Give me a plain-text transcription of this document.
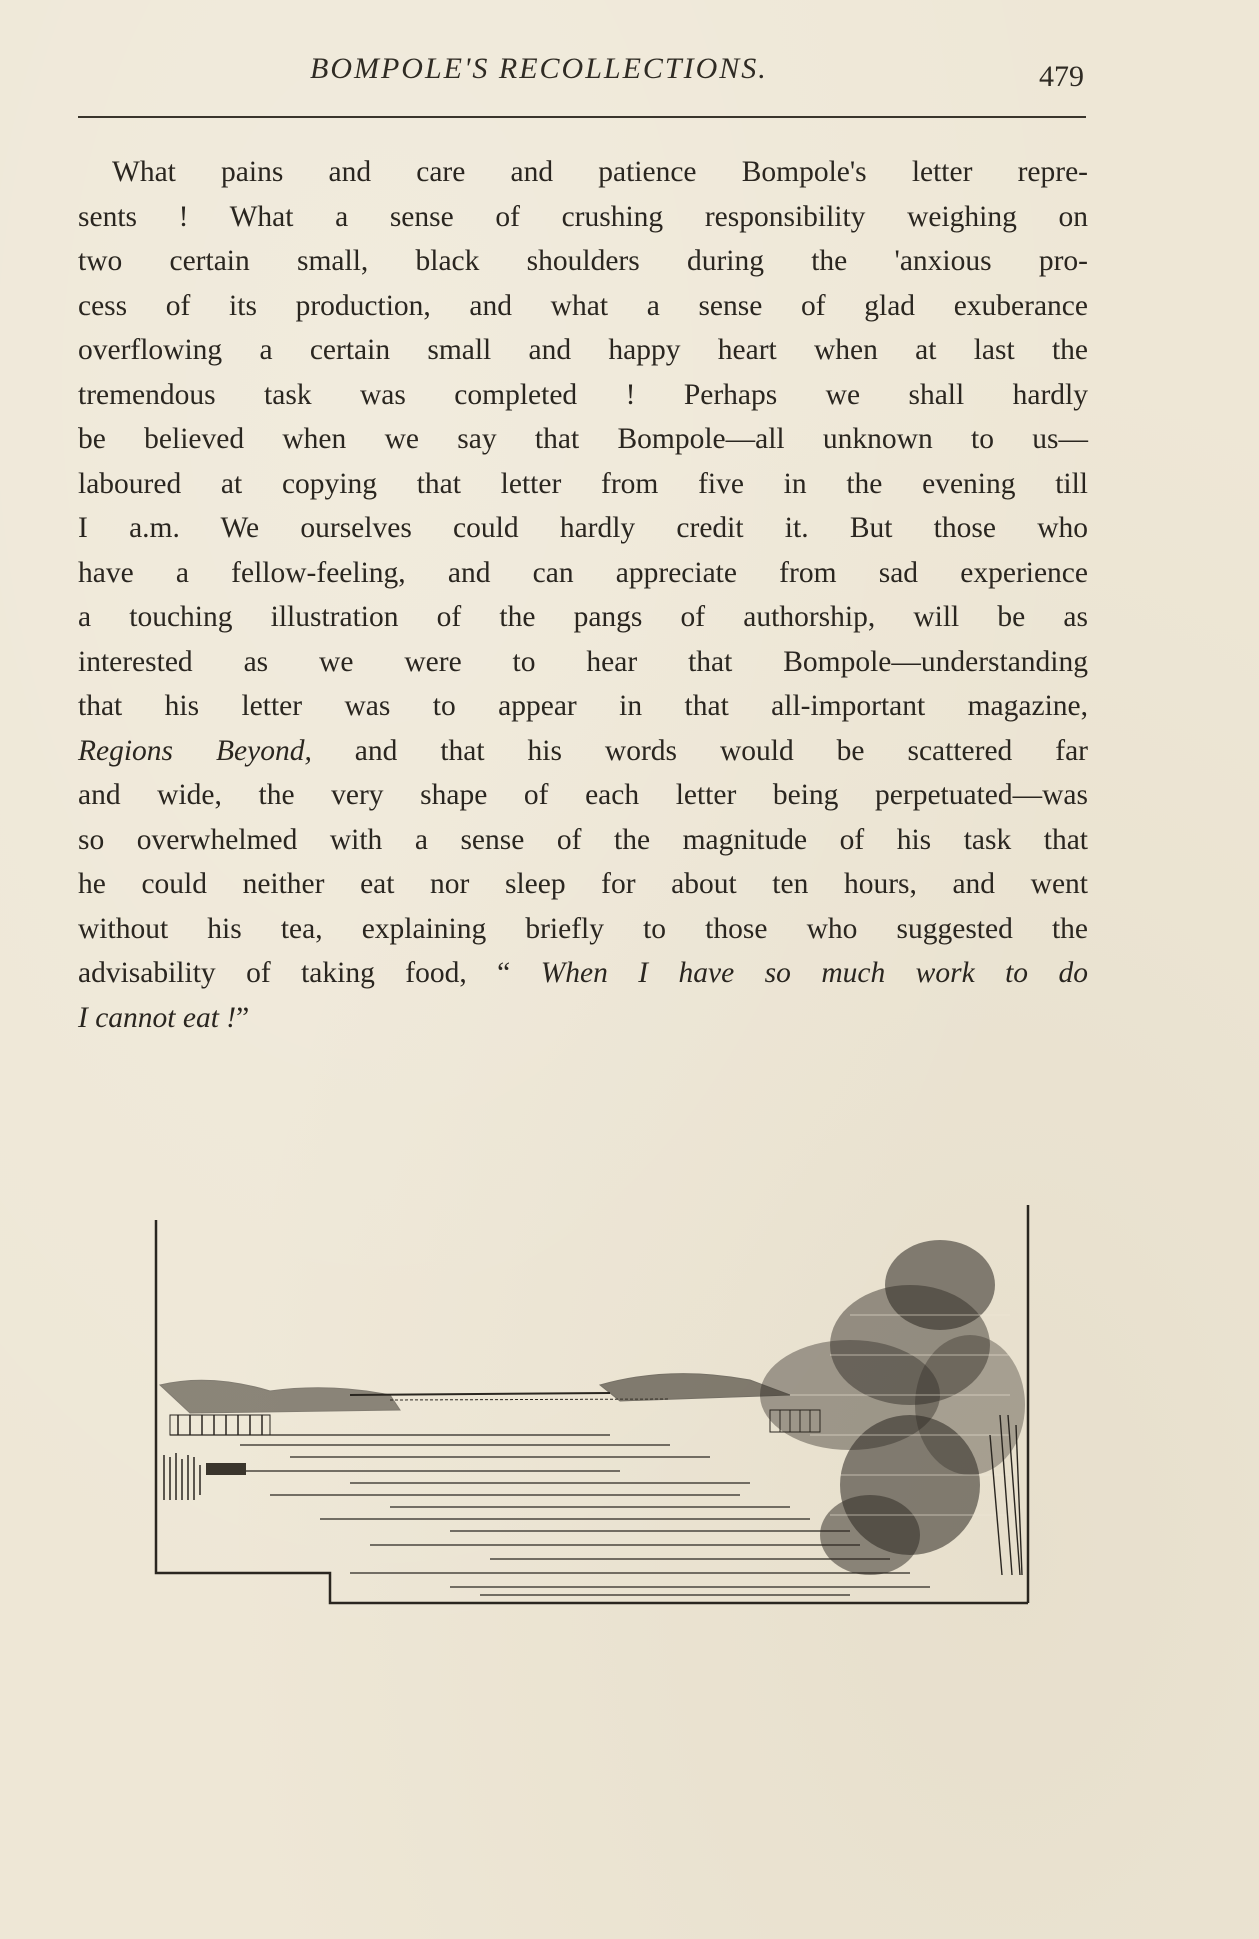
BOMPOLE'S RECOLLECTIONS.	479
What pains and care and patience Bompole's letter repre-
sents ! What a sense of crushing responsibility weighing on
two certain small, black shoulders during the 'anxious pro-
cess of its production, and what a sense of glad exuberance
overflowing a certain small and happy heart when at last the
tremendous task was completed ! Perhaps we shall hardly
be believed when we say that Bompole—all unknown to us—
laboured at copying that letter from five in the evening till
I a.m. We ourselves could hardly credit it. But those who
have a fellow-feeling, and can appreciate from sad experience
a touching illustration of the pangs of authorship, will be as
interested as we were to hear that Bompole—understanding
that his letter was to appear in that all-important magazine,
Regions Beyond, and that his words would be scattered far
and wide, the very shape of each letter being perpetuated—was
so overwhelmed with a sense of the magnitude of his task that
he could neither eat nor sleep for about ten hours, and went
without his tea, explaining briefly to those who suggested the
advisability of taking food, “ When I have so much work to do
I cannot eat !”
